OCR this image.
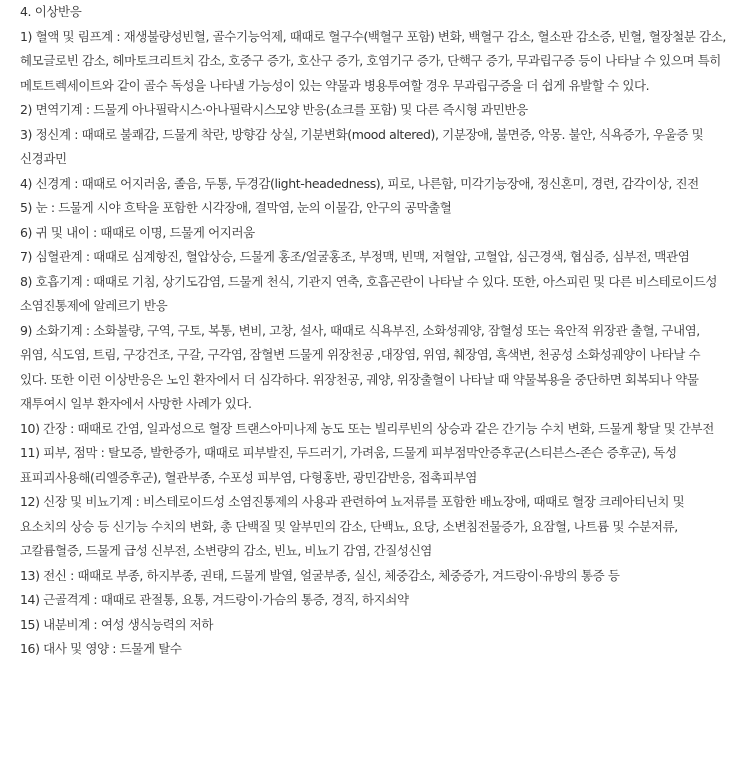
4. 이상반응

1) 혈액 및 림프계 : 재생불량성빈혈, 골수기능억제, 때때로 혈구수(백혈구 포함) 변화, 백혈구 감소, 혈소판 감소증, 빈혈, 혈장철분 감소, 헤모글로빈 감소, 헤마토크리트치 감소, 호중구 증가, 호산구 증가, 호염기구 증가, 단핵구 증가, 무과립구증 등이 나타날 수 있으며 특히 메토트렉세이트와 같이 골수 독성을 나타낼 가능성이 있는 약물과 병용투여할 경우 무과립구증을 더 쉽게 유발할 수 있다.

2) 면역기계 : 드물게 아나필락시스·아나필락시스모양 반응(쇼크를 포함) 및 다른 즉시형 과민반응

3) 정신계 : 때때로 불쾌감, 드물게 착란, 방향감 상실, 기분변화(mood altered), 기분장애, 불면증, 악몽. 불안, 식욕증가, 우울증 및 신경과민

4) 신경계 : 때때로 어지러움, 졸음, 두통, 두경감(light-headedness), 피로, 나른함, 미각기능장애, 정신혼미, 경련, 감각이상, 진전

5) 눈 : 드물게 시야 흐탁을 포함한 시각장애, 결막염, 눈의 이물감, 안구의 공막출혈

6) 귀 및 내이 : 때때로 이명, 드물게 어지러움

7) 심혈관계 : 때때로 심계항진, 혈압상승, 드물게 홍조/얼굴홍조, 부정맥, 빈맥, 저혈압, 고혈압, 심근경색, 협심증, 심부전, 맥관염

8) 호흡기계 : 때때로 기침, 상기도감염, 드물게 천식, 기관지 연축, 호흡곤란이 나타날 수 있다. 또한, 아스피린 및 다른 비스테로이드성 소염진통제에 알레르기 반응

9) 소화기계 : 소화불량, 구역, 구토, 복통, 변비, 고창, 설사, 때때로 식욕부진, 소화성궤양, 잠혈성 또는 육안적 위장관 출혈, 구내염, 위염, 식도염, 트림, 구강건조, 구갈, 구각염, 잠혈변 드물게 위장천공 ,대장염, 위염, 췌장염, 흑색변, 천공성 소화성궤양이 나타날 수 있다. 또한 이런 이상반응은 노인 환자에서 더 심각하다. 위장천공, 궤양, 위장출혈이 나타날 때 약물복용을 중단하면 회복되나 약물 재투여시 일부 환자에서 사망한 사례가 있다.

10) 간장 : 때때로 간염, 일과성으로 혈장 트랜스아미나제 농도 또는 빌리루빈의 상승과 같은 간기능 수치 변화, 드물게 황달 및 간부전

11) 피부, 점막 : 탈모증, 발한증가, 때때로 피부발진, 두드러기, 가려움, 드물게 피부점막안증후군(스티븐스-존슨 증후군), 독성 표피괴사용해(리엘증후군), 혈관부종, 수포성 피부염, 다형홍반, 광민감반응, 접촉피부염

12) 신장 및 비뇨기계 : 비스테로이드성 소염진통제의 사용과 관련하여 뇨저류를 포함한 배뇨장애, 때때로 혈장 크레아티닌치 및 요소치의 상승 등 신기능 수치의 변화, 총 단백질 및 알부민의 감소, 단백뇨, 요당, 소변침전물증가, 요잠혈, 나트륨 및 수분저류, 고칼륨혈증, 드물게 급성 신부전, 소변량의 감소, 빈뇨, 비뇨기 감염, 간질성신염

13) 전신 : 때때로 부종, 하지부종, 권태, 드물게 발열, 얼굴부종, 실신, 체중감소, 체중증가, 겨드랑이·유방의 통증 등

14) 근골격계 : 때때로 관절통, 요통, 겨드랑이·가슴의 통증, 경직, 하지쇠약

15) 내분비계 : 여성 생식능력의 저하

16) 대사 및 영양 : 드물게 탈수
